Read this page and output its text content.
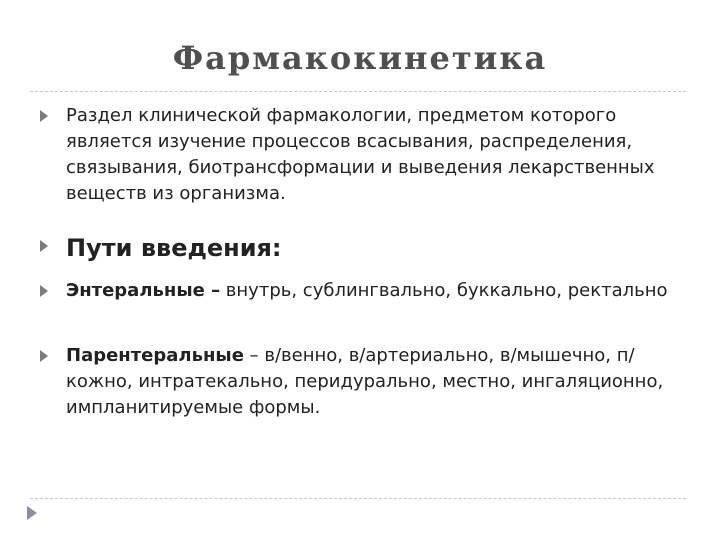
Фармакокинетика
Раздел клинической фармакологии, предметом которого является изучение процессов всасывания, распределения, связывания, биотрансформации и выведения лекарственных веществ из организма.
Пути введения:
Энтеральные – внутрь, сублингвально, буккально, ректально
Парентеральные – в/венно, в/артериально, в/мышечно, п/кожно, интратекально, перидурально, местно, ингаляционно, импланитируемые формы.
